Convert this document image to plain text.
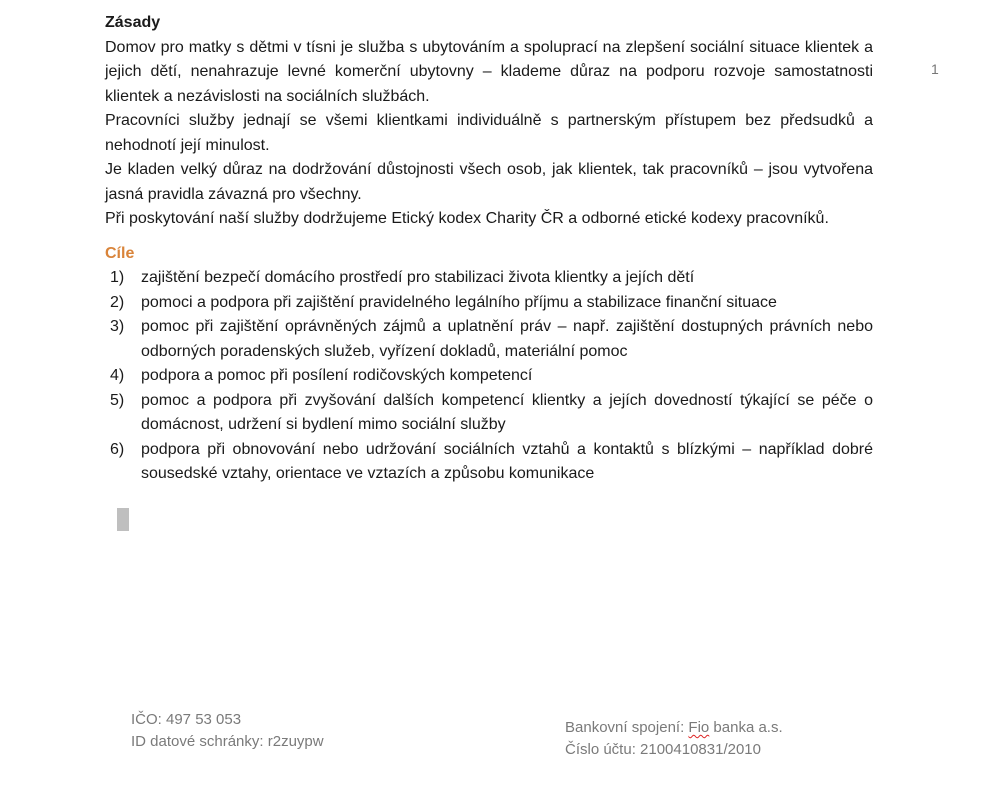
1
Zásady

Domov pro matky s dětmi v tísni je služba s ubytováním a spoluprací na zlepšení sociální situace klientek a jejich dětí, nenahrazuje levné komerční ubytovny – klademe důraz na podporu rozvoje samostatnosti klientek a nezávislosti na sociálních službách.

Pracovníci služby jednají se všemi klientkami individuálně s partnerským přístupem bez předsudků a nehodnotí její minulost.

Je kladen velký důraz na dodržování důstojnosti všech osob, jak klientek, tak pracovníků – jsou vytvořena jasná pravidla závazná pro všechny.

Při poskytování naší služby dodržujeme Etický kodex Charity ČR a odborné etické kodexy pracovníků.

Cíle
1)	zajištění bezpečí domácího prostředí pro stabilizaci života klientky a jejích dětí
2)	pomoci a podpora při zajištění pravidelného legálního příjmu a stabilizace finanční situace
3)	pomoc při zajištění oprávněných zájmů a uplatnění práv – např. zajištění dostupných právních nebo odborných poradenských služeb, vyřízení dokladů, materiální pomoc
4)	podpora a pomoc při posílení rodičovských kompetencí
5)	pomoc a podpora při zvyšování dalších kompetencí klientky a jejích dovedností týkající se péče o domácnost, udržení si bydlení mimo sociální služby
6)	podpora při obnovování nebo udržování sociálních vztahů a kontaktů s blízkými – například dobré sousedské vztahy, orientace ve vztazích a způsobu komunikace
IČO: 497 53 053
ID datové schránky: r2zuypw
Bankovní spojení: Fio banka a.s.
Číslo účtu: 2100410831/2010
